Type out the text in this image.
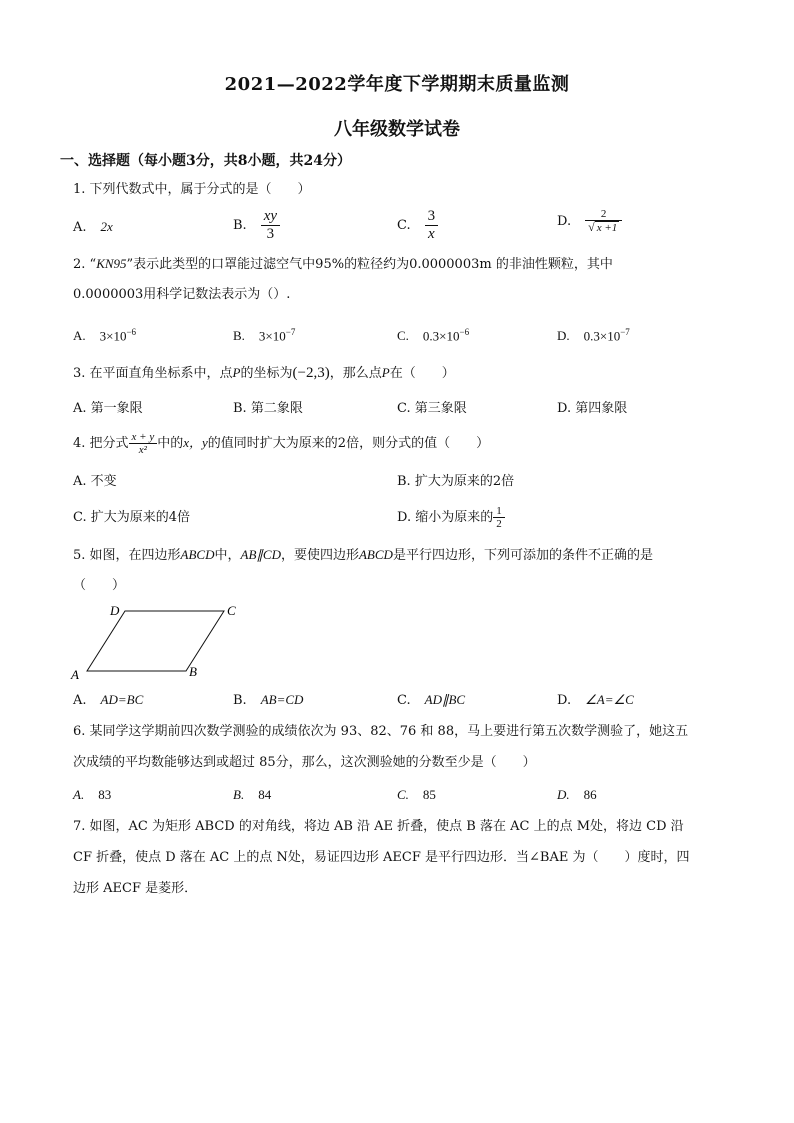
2021—2022学年度下学期期末质量监测
八年级数学试卷
一、选择题（每小题3分，共8小题，共24分）
1. 下列代数式中，属于分式的是（　　）
A. 2x	B. $\frac{xy}{3}$	C. $\frac{3}{x}$	D. $\frac{2}{√ x +1}$
2. “KN95”表示此类型的口罩能过滤空气中95%的粒径约为0.0000003m 的非油性颗粒，其中
0.0000003用科学记数法表示为（）.
A. $3\times 10^{-6}$	B. $3\times 10^{-7}$	C. $0.3\times 10^{-6}$	D. $0.3\times 10^{-7}$
3. 在平面直角坐标系中，点P的坐标为(−2,3)，那么点P在（　　）
A. 第一象限	B. 第二象限	C. 第三象限	D. 第四象限
4. 把分式 $\frac{x + y}{\text{x²}}$ 中的x，y的值同时扩大为原来的2倍，则分式的值（　　）
A. 不变	B. 扩大为原来的2倍
C. 扩大为原来的4倍	D. 缩小为原来的 $\frac{1}{2}$
5. 如图，在四边形ABCD中，AB∥CD，要使四边形ABCD是平行四边形，下列可添加的条件不正确的是
（　　）
A	B
C
D
A. AD=BC	B. AB=CD	C. AD∥BC	D. ∠A=∠C
6. 某同学这学期前四次数学测验的成绩依次为 93、82、76 和 88，马上要进行第五次数学测验了，她这五
次成绩的平均数能够达到或超过 85分，那么，这次测验她的分数至少是（　　）
A. 83	B. 84	C. 85	D. 86
7. 如图，AC 为矩形 ABCD 的对角线，将边 AB 沿 AE 折叠，使点 B 落在 AC 上的点 M处，将边 CD 沿
CF 折叠，使点 D 落在 AC 上的点 N处，易证四边形 AECF 是平行四边形．当∠BAE 为（　　）度时，四
边形 AECF 是菱形．
